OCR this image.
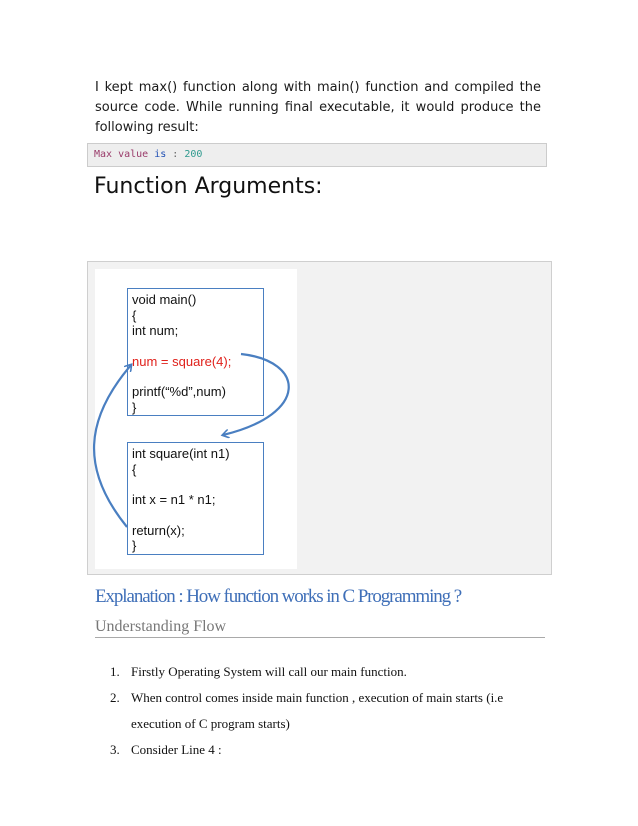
I kept max() function along with main() function and compiled the source code. While running final executable, it would produce the following result:

Max value is : 200
Function Arguments:
void main()
{
int num;
num = square(4);
printf(“%d”,num)
}
int square(int n1)
{
int x = n1 * n1;
return(x);
}
Explanation : How function works in C Programming ?
Understanding Flow
1. Firstly Operating System will call our main function.
2. When control comes inside main function , execution of main starts (i.e execution of C program starts)
3. Consider Line 4 :
